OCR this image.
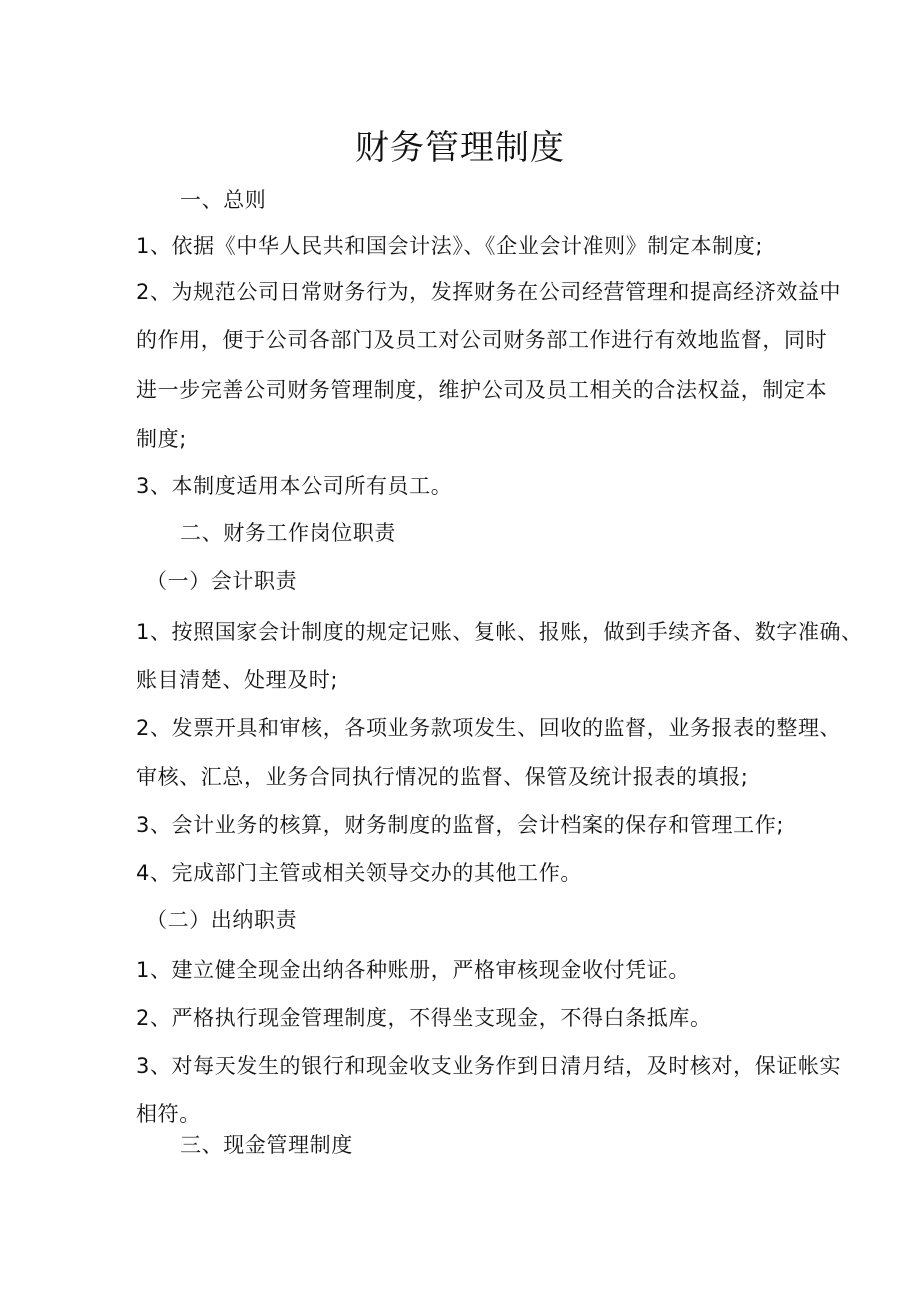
财务管理制度
一、总则
1、依据《中华人民共和国会计法》、《企业会计准则》制定本制度;
2、为规范公司日常财务行为，发挥财务在公司经营管理和提高经济效益中
的作用，便于公司各部门及员工对公司财务部工作进行有效地监督，同时
进一步完善公司财务管理制度，维护公司及员工相关的合法权益，制定本
制度;
3、本制度适用本公司所有员工。
二、财务工作岗位职责
（一）会计职责
1、按照国家会计制度的规定记账、复帐、报账，做到手续齐备、数字准确、
账目清楚、处理及时;
2、发票开具和审核，各项业务款项发生、回收的监督，业务报表的整理、
审核、汇总，业务合同执行情况的监督、保管及统计报表的填报;
3、会计业务的核算，财务制度的监督，会计档案的保存和管理工作;
4、完成部门主管或相关领导交办的其他工作。
（二）出纳职责
1、建立健全现金出纳各种账册，严格审核现金收付凭证。
2、严格执行现金管理制度，不得坐支现金，不得白条抵库。
3、对每天发生的银行和现金收支业务作到日清月结，及时核对，保证帐实
相符。
三、现金管理制度
